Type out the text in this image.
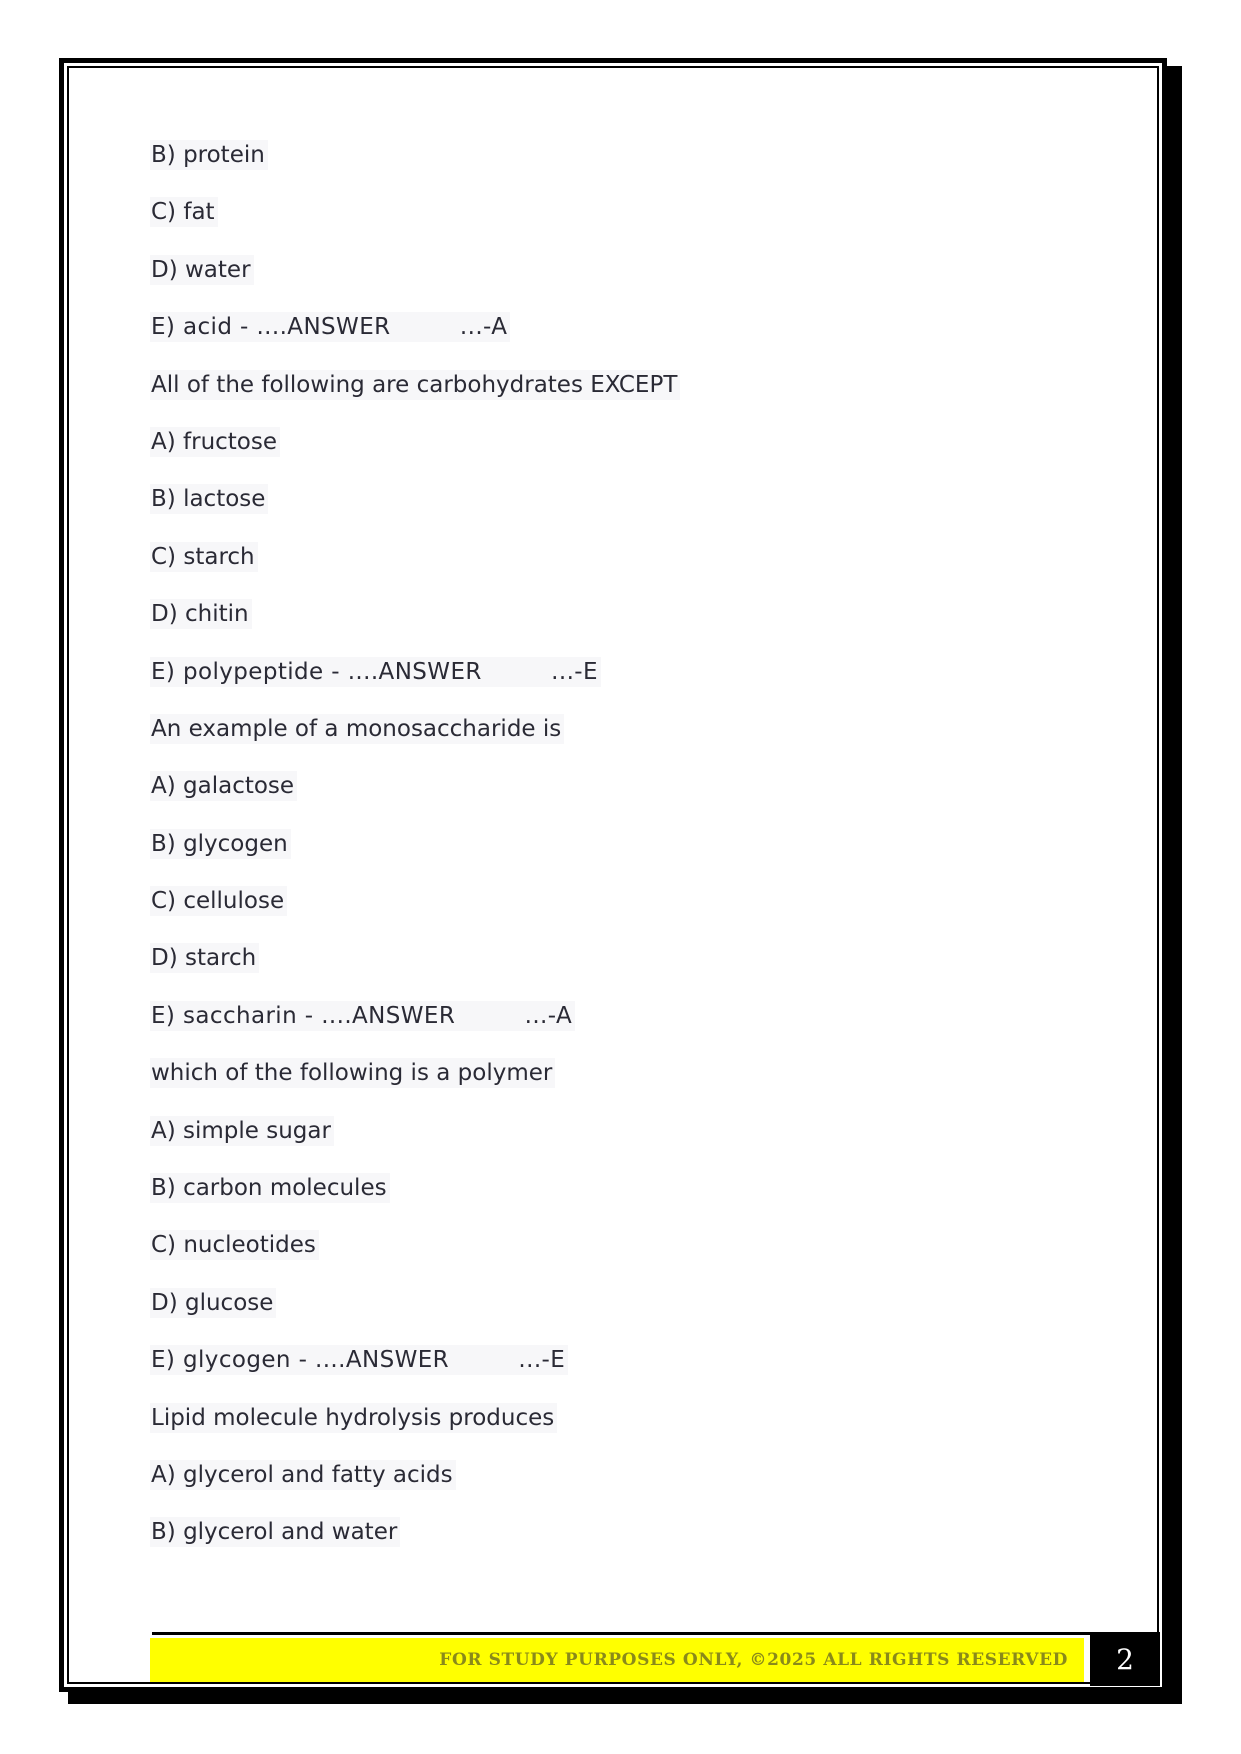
B) protein
C) fat
D) water
E) acid - ....ANSWER         ...-A
All of the following are carbohydrates EXCEPT
A) fructose
B) lactose
C) starch
D) chitin
E) polypeptide - ....ANSWER         ...-E
An example of a monosaccharide is
A) galactose
B) glycogen
C) cellulose
D) starch
E) saccharin - ....ANSWER         ...-A
which of the following is a polymer
A) simple sugar
B) carbon molecules
C) nucleotides
D) glucose
E) glycogen - ....ANSWER         ...-E
Lipid molecule hydrolysis produces
A) glycerol and fatty acids
B) glycerol and water
FOR STUDY PURPOSES ONLY, ©2025 ALL RIGHTS RESERVED 2
